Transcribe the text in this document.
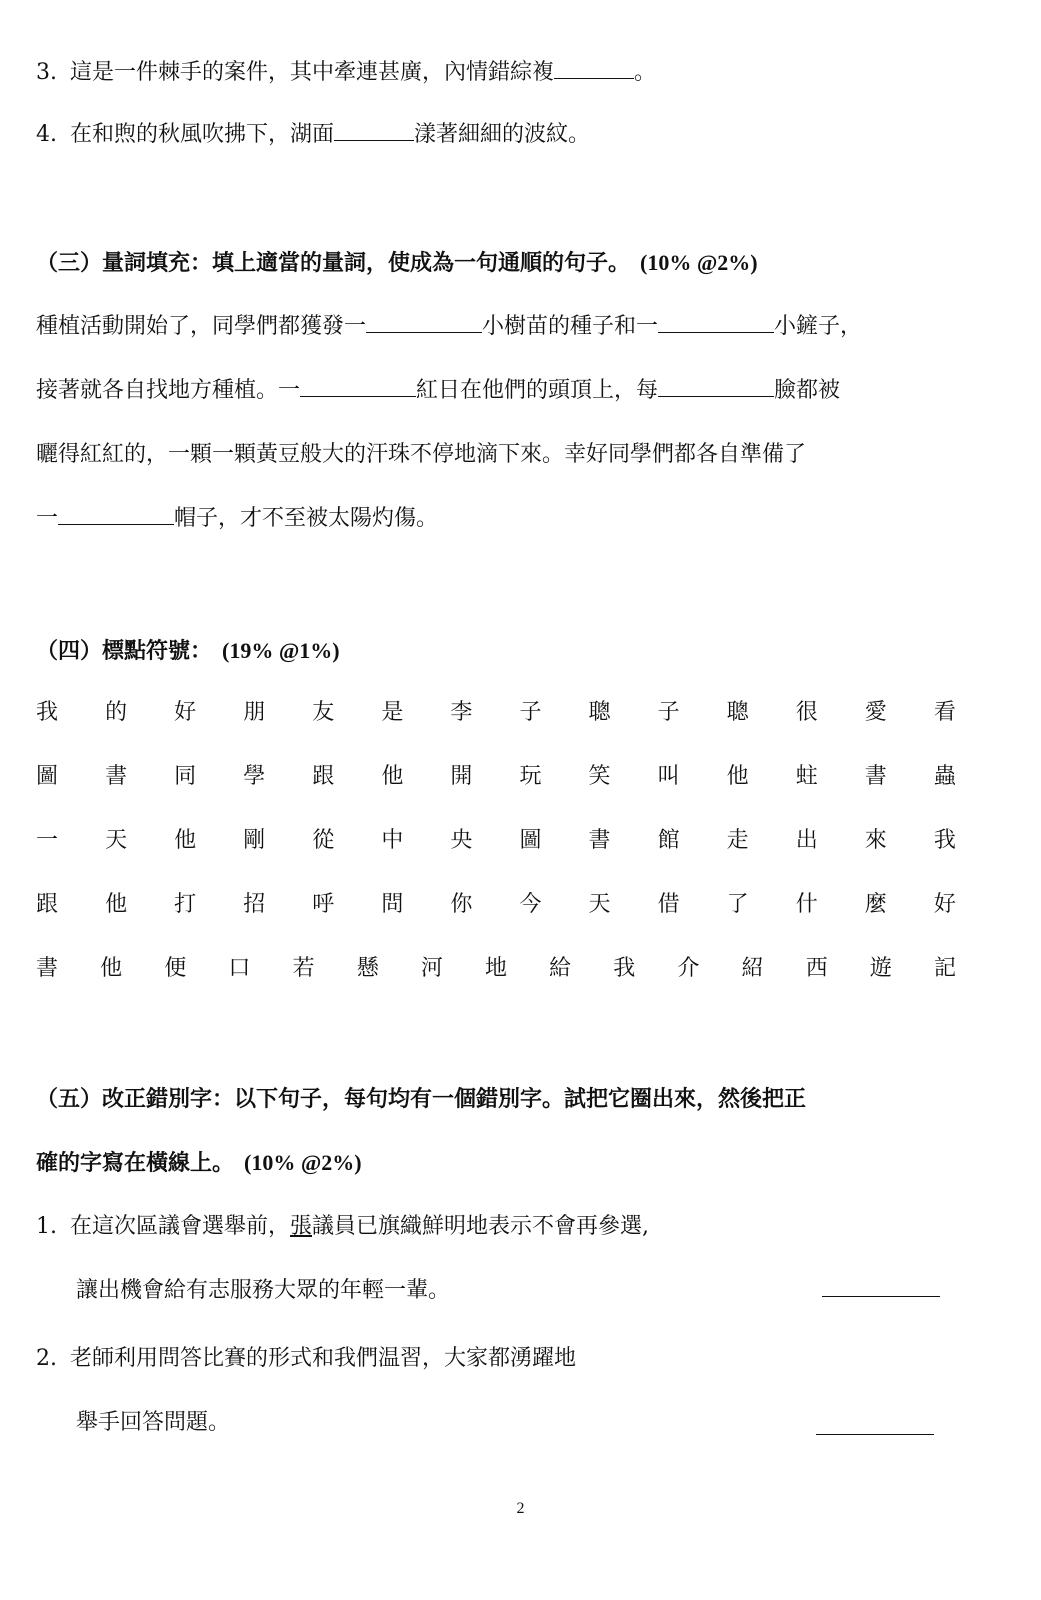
3. 這是一件棘手的案件，其中牽連甚廣，內情錯綜複	。
4. 在和煦的秋風吹拂下，湖面	漾著細細的波紋。
（三）量詞填充：填上適當的量詞，使成為一句通順的句子。 (10% @2%)
種植活動開始了，同學們都獲發一	小樹苗的種子和一	小鏟子，
接著就各自找地方種植。一	紅日在他們的頭頂上，每	臉都被
曬得紅紅的，一顆一顆黃豆般大的汗珠不停地滴下來。幸好同學們都各自準備了
一	帽子，才不至被太陽灼傷。
（四）標點符號： (19% @1%)
我 的 好 朋 友 是 李 子 聰 子 聰 很 愛 看
圖 書 同 學 跟 他 開 玩 笑 叫 他 蛀 書 蟲
一 天 他 剛 從 中 央 圖 書 館 走 出 來 我
跟 他 打 招 呼 問 你 今 天 借 了 什 麼 好
書 他 便 口 若 懸 河 地 給 我 介 紹 西 遊 記
（五）改正錯別字：以下句子，每句均有一個錯別字。試把它圈出來，然後把正
確的字寫在橫線上。 (10% @2%)
1. 在這次區議會選舉前，張議員已旗織鮮明地表示不會再參選,
讓出機會給有志服務大眾的年輕一輩。
2. 老師利用問答比賽的形式和我們温習，大家都湧躍地
舉手回答問題。
2
